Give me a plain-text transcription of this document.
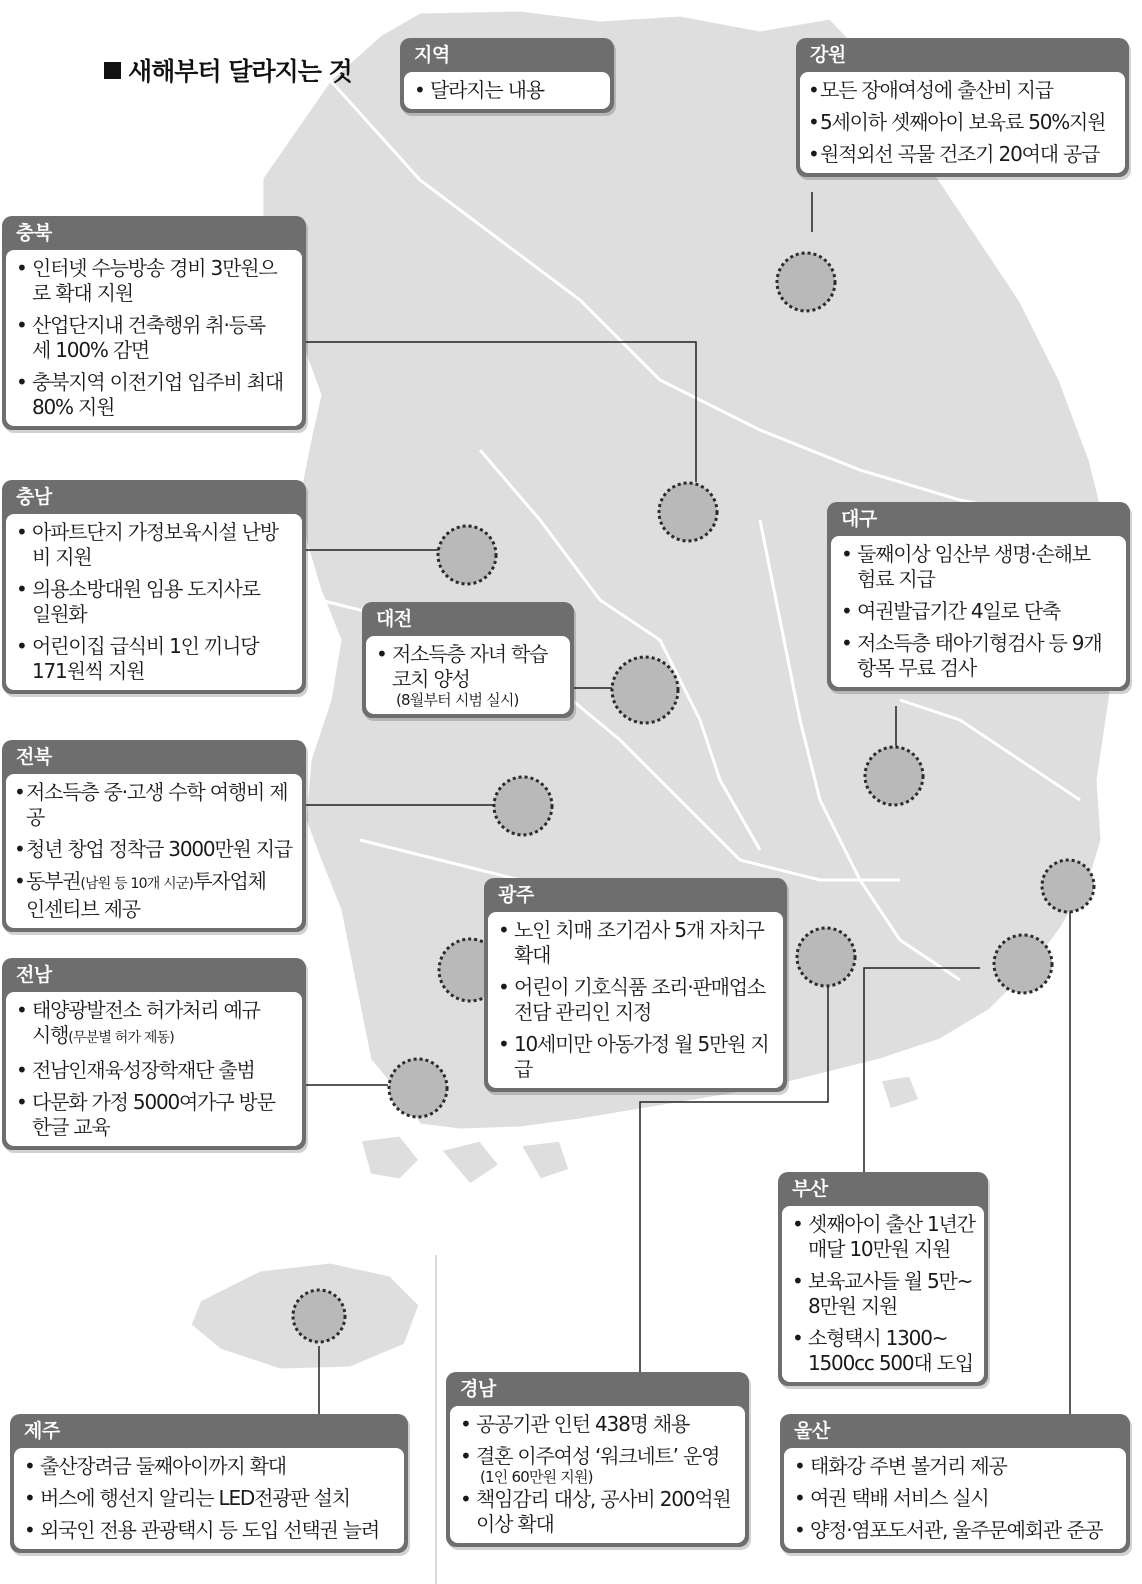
새해부터 달라지는 것
지역
• 달라지는 내용
강원
• 모든 장애여성에 출산비 지급
• 5세이하 셋째아이 보육료 50%지원
• 원적외선 곡물 건조기 20여대 공급
충북
• 인터넷 수능방송 경비 3만원으
로 확대 지원
• 산업단지내 건축행위 취·등록
세 100% 감면
• 충북지역 이전기업 입주비 최대
80% 지원
충남
• 아파트단지 가정보육시설 난방
비 지원
• 의용소방대원 임용 도지사로
일원화
• 어린이집 급식비 1인 끼니당
171원씩 지원
대전
• 저소득층 자녀 학습
코치 양성
(8월부터 시범 실시)
대구
• 둘째이상 임산부 생명·손해보
험료 지급
• 여권발급기간 4일로 단축
• 저소득층 태아기형검사 등 9개
항목 무료 검사
전북
• 저소득층 중·고생 수학 여행비 제공
• 청년 창업 정착금 3000만원 지급
• 동부권(남원 등 10개 시군)투자업체
인센티브 제공
광주
• 노인 치매 조기검사 5개 자치구
확대
• 어린이 기호식품 조리·판매업소
전담 관리인 지정
• 10세미만 아동가정 월 5만원 지급
전남
• 태양광발전소 허가처리 예규
시행(무분별 허가 제동)
• 전남인재육성장학재단 출범
• 다문화 가정 5000여가구 방문
한글 교육
부산
• 셋째아이 출산 1년간
매달 10만원 지원
• 보육교사들 월 5만~
8만원 지원
• 소형택시 1300~
1500cc 500대 도입
제주
• 출산장려금 둘째아이까지 확대
• 버스에 행선지 알리는 LED전광판 설치
• 외국인 전용 관광택시 등 도입 선택권 늘려
경남
• 공공기관 인턴 438명 채용
• 결혼 이주여성 ‘워크네트’ 운영
(1인 60만원 지원)
• 책임감리 대상, 공사비 200억원
이상 확대
울산
• 태화강 주변 볼거리 제공
• 여권 택배 서비스 실시
• 양정·염포도서관, 울주문예회관 준공
